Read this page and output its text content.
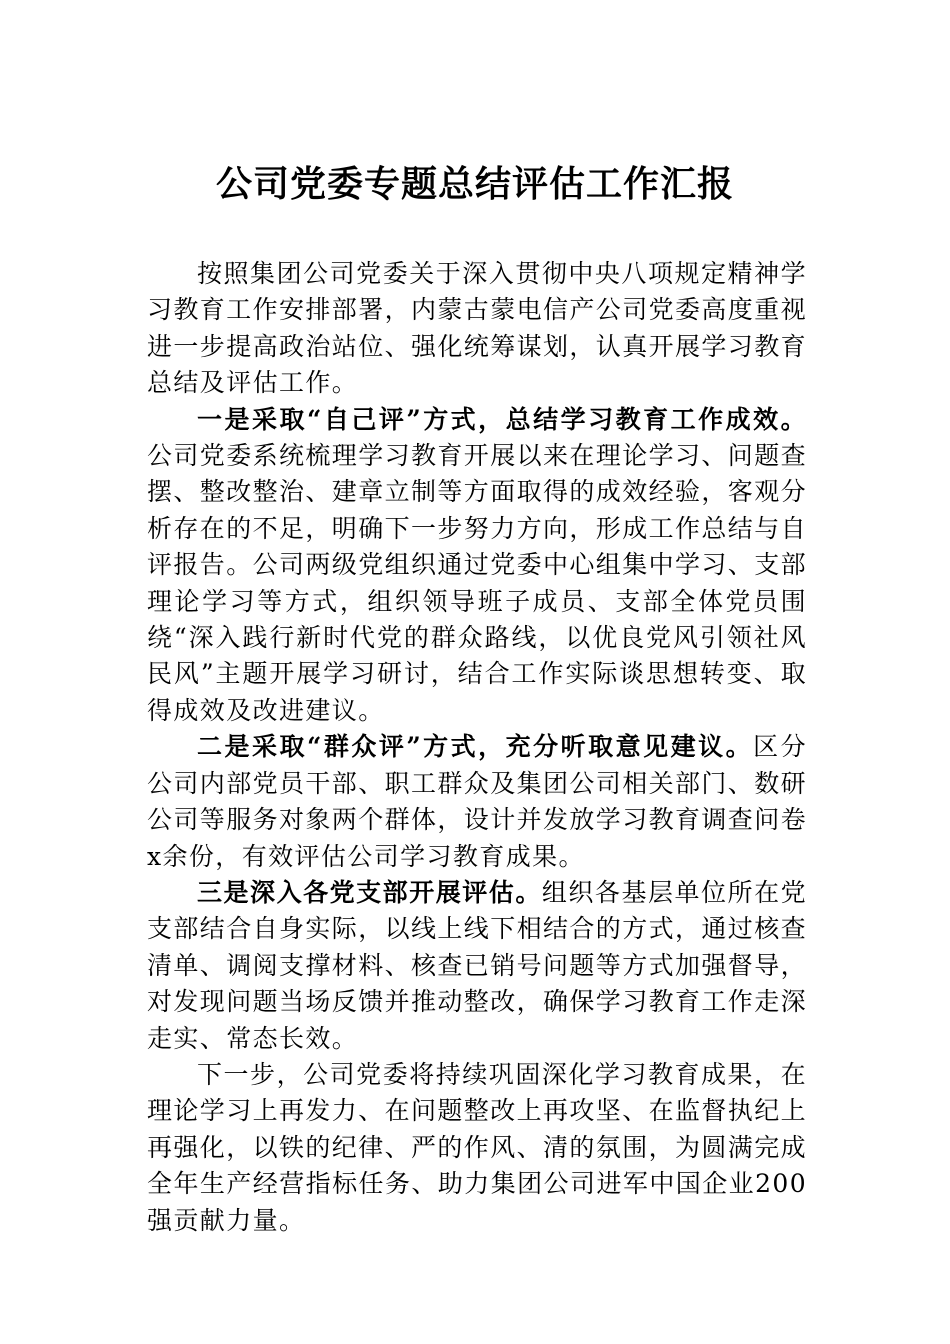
公司党委专题总结评估工作汇报

按照集团公司党委关于深入贯彻中央八项规定精神学习教育工作安排部署，内蒙古蒙电信产公司党委高度重视进一步提高政治站位、强化统筹谋划，认真开展学习教育总结及评估工作。

一是采取“自己评”方式，总结学习教育工作成效。公司党委系统梳理学习教育开展以来在理论学习、问题查摆、整改整治、建章立制等方面取得的成效经验，客观分析存在的不足，明确下一步努力方向，形成工作总结与自评报告。公司两级党组织通过党委中心组集中学习、支部理论学习等方式，组织领导班子成员、支部全体党员围绕“深入践行新时代党的群众路线，以优良党风引领社风民风”主题开展学习研讨，结合工作实际谈思想转变、取得成效及改进建议。

二是采取“群众评”方式，充分听取意见建议。区分公司内部党员干部、职工群众及集团公司相关部门、数研公司等服务对象两个群体，设计并发放学习教育调查问卷x余份，有效评估公司学习教育成果。

三是深入各党支部开展评估。组织各基层单位所在党支部结合自身实际，以线上线下相结合的方式，通过核查清单、调阅支撑材料、核查已销号问题等方式加强督导，对发现问题当场反馈并推动整改，确保学习教育工作走深走实、常态长效。

下一步，公司党委将持续巩固深化学习教育成果，在理论学习上再发力、在问题整改上再攻坚、在监督执纪上再强化，以铁的纪律、严的作风、清的氛围，为圆满完成全年生产经营指标任务、助力集团公司进军中国企业200强贡献力量。
